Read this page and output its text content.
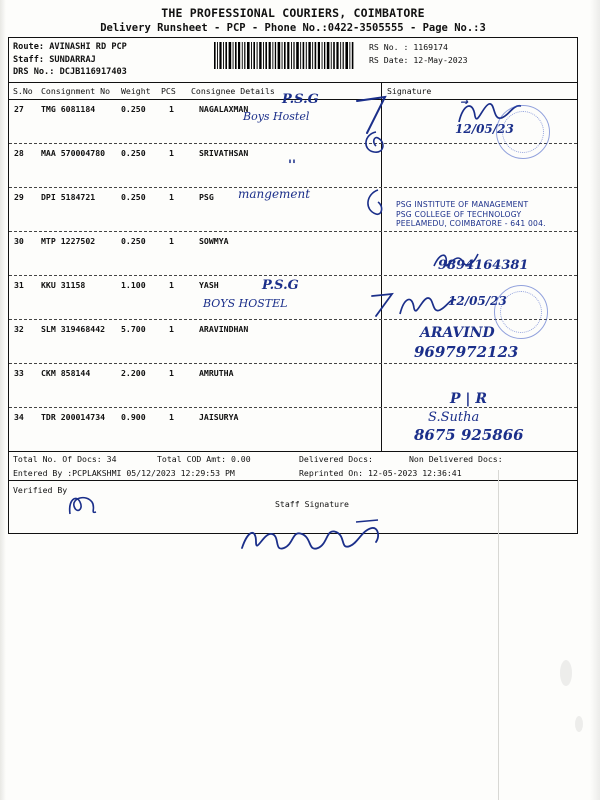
THE PROFESSIONAL COURIERS, COIMBATORE
Delivery Runsheet - PCP - Phone No.:0422-3505555 - Page No.:3
Route: AVINASHI RD PCP
Staff: SUNDARRAJ
DRS No.: DCJB116917403
RS No. : 1169174
RS Date: 12-May-2023
S.No Consignment No Weight PCS Consignee Details	Signature
27 TMG 6081184	0.250	1	NAGALAXMAN
28 MAA 570004780 0.250	1	SRIVATHSAN
29 DPI 5184721	0.250	1	PSG
30 MTP 1227502	0.250	1	SOWMYA
31 KKU 31158	1.100	1	YASH
32 SLM 319468442 5.700	1	ARAVINDHAN
33 CKM 858144	2.200	1	AMRUTHA
34 TDR 200014734 0.900	1	JAISURYA
Total No. Of Docs: 34	Total COD Amt: 0.00	Delivered Docs:	Non Delivered Docs:
Entered By :PCPLAKSHMI 05/12/2023 12:29:53 PM	Reprinted On: 12-05-2023 12:36:41
Verified By
Staff Signature
P.S.G
Boys Hostel
12/05/23
''
mangement
PSG INSTITUTE OF MANAGEMENT
PSG COLLEGE OF TECHNOLOGY
PEELAMEDU, COIMBATORE - 641 004.
9894164381
P.S.G
BOYS HOSTEL	12/05/23
ARAVIND
9697972123
P | R
S.Sutha
8675 925866
